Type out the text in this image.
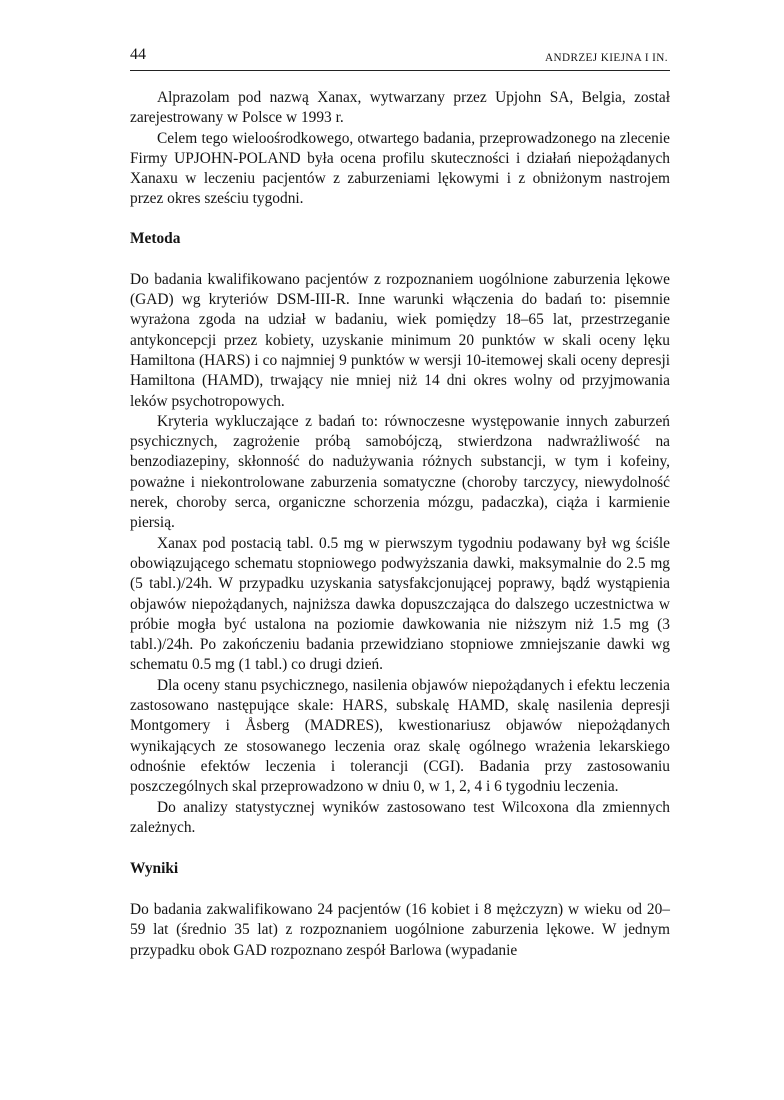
44	ANDRZEJ KIEJNA I IN.

Alprazolam pod nazwą Xanax, wytwarzany przez Upjohn SA, Belgia, został zarejestrowany w Polsce w 1993 r.

Celem tego wieloośrodkowego, otwartego badania, przeprowadzonego na zlecenie Firmy UPJOHN-POLAND była ocena profilu skuteczności i działań niepożądanych Xanaxu w leczeniu pacjentów z zaburzeniami lękowymi i z obniżonym nastrojem przez okres sześciu tygodni.

Metoda

Do badania kwalifikowano pacjentów z rozpoznaniem uogólnione zaburzenia lękowe (GAD) wg kryteriów DSM-III-R. Inne warunki włączenia do badań to: pisemnie wyrażona zgoda na udział w badaniu, wiek pomiędzy 18–65 lat, przestrzeganie antykoncepcji przez kobiety, uzyskanie minimum 20 punktów w skali oceny lęku Hamiltona (HARS) i co najmniej 9 punktów w wersji 10-itemowej skali oceny depresji Hamiltona (HAMD), trwający nie mniej niż 14 dni okres wolny od przyjmowania leków psychotropowych.

Kryteria wykluczające z badań to: równoczesne występowanie innych zaburzeń psychicznych, zagrożenie próbą samobójczą, stwierdzona nadwrażliwość na benzodiazepiny, skłonność do nadużywania różnych substancji, w tym i kofeiny, poważne i niekontrolowane zaburzenia somatyczne (choroby tarczycy, niewydolność nerek, choroby serca, organiczne schorzenia mózgu, padaczka), ciąża i karmienie piersią.

Xanax pod postacią tabl. 0.5 mg w pierwszym tygodniu podawany był wg ściśle obowiązującego schematu stopniowego podwyższania dawki, maksymalnie do 2.5 mg (5 tabl.)/24h. W przypadku uzyskania satysfakcjonującej poprawy, bądź wystąpienia objawów niepożądanych, najniższa dawka dopuszczająca do dalszego uczestnictwa w próbie mogła być ustalona na poziomie dawkowania nie niższym niż 1.5 mg (3 tabl.)/24h. Po zakończeniu badania przewidziano stopniowe zmniejszanie dawki wg schematu 0.5 mg (1 tabl.) co drugi dzień.

Dla oceny stanu psychicznego, nasilenia objawów niepożądanych i efektu leczenia zastosowano następujące skale: HARS, subskalę HAMD, skalę nasilenia depresji Montgomery i Åsberg (MADRES), kwestionariusz objawów niepożądanych wynikających ze stosowanego leczenia oraz skalę ogólnego wrażenia lekarskiego odnośnie efektów leczenia i tolerancji (CGI). Badania przy zastosowaniu poszczególnych skal przeprowadzono w dniu 0, w 1, 2, 4 i 6 tygodniu leczenia.

Do analizy statystycznej wyników zastosowano test Wilcoxona dla zmiennych zależnych.

Wyniki

Do badania zakwalifikowano 24 pacjentów (16 kobiet i 8 mężczyzn) w wieku od 20–59 lat (średnio 35 lat) z rozpoznaniem uogólnione zaburzenia lękowe. W jednym przypadku obok GAD rozpoznano zespół Barlowa (wypadanie
